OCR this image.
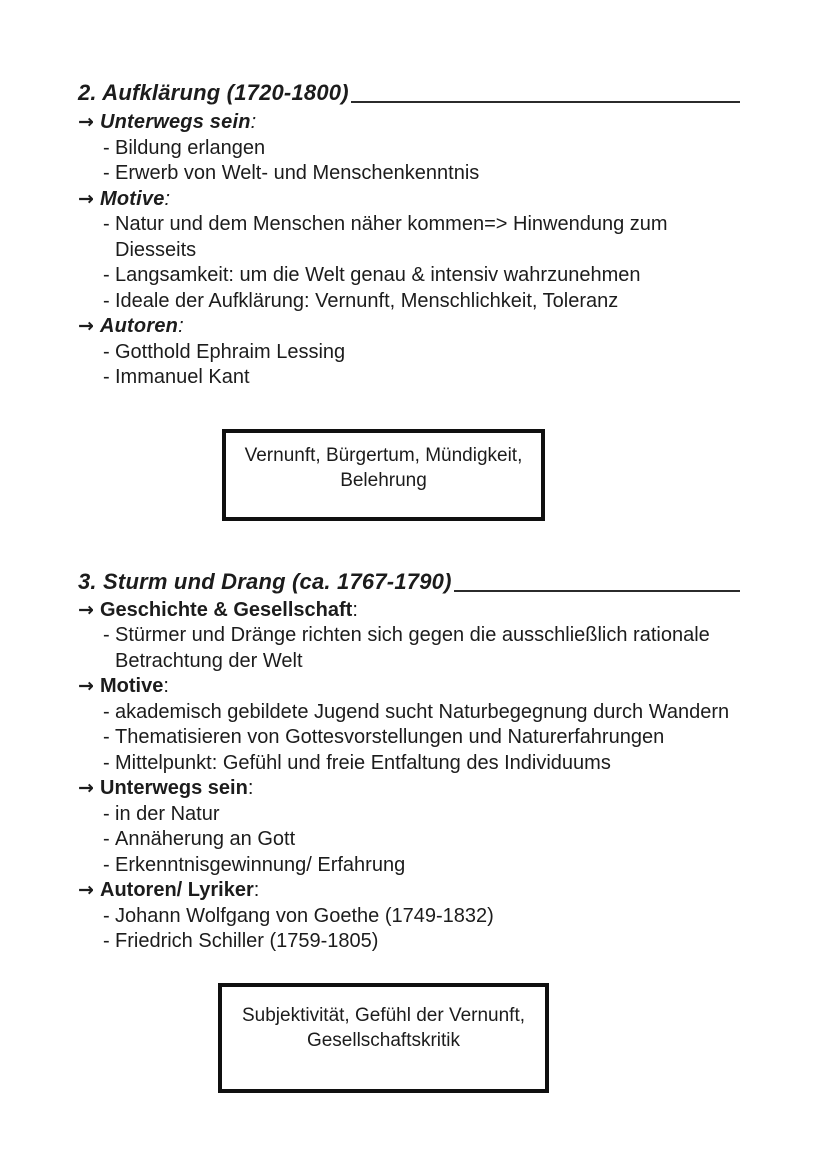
2. Aufklärung (1720-1800)
→ Unterwegs sein:
- Bildung erlangen
- Erwerb von Welt- und Menschenkenntnis
→ Motive:
- Natur und dem Menschen näher kommen=> Hinwendung zum Diesseits
- Langsamkeit: um die Welt genau & intensiv wahrzunehmen
- Ideale der Aufklärung: Vernunft, Menschlichkeit, Toleranz
→ Autoren:
- Gotthold Ephraim Lessing
- Immanuel Kant
Vernunft, Bürgertum, Mündigkeit, Belehrung
3. Sturm und Drang (ca. 1767-1790)
→ Geschichte & Gesellschaft:
- Stürmer und Dränge richten sich gegen die ausschließlich rationale Betrachtung der Welt
→ Motive:
- akademisch gebildete Jugend sucht Naturbegegnung durch Wandern
- Thematisieren von Gottesvorstellungen und Naturerfahrungen
- Mittelpunkt: Gefühl und freie Entfaltung des Individuums
→ Unterwegs sein:
- in der Natur
- Annäherung an Gott
- Erkenntnisgewinnung/ Erfahrung
→ Autoren/ Lyriker:
- Johann Wolfgang von Goethe (1749-1832)
- Friedrich Schiller (1759-1805)
Subjektivität, Gefühl der Vernunft, Gesellschaftskritik
